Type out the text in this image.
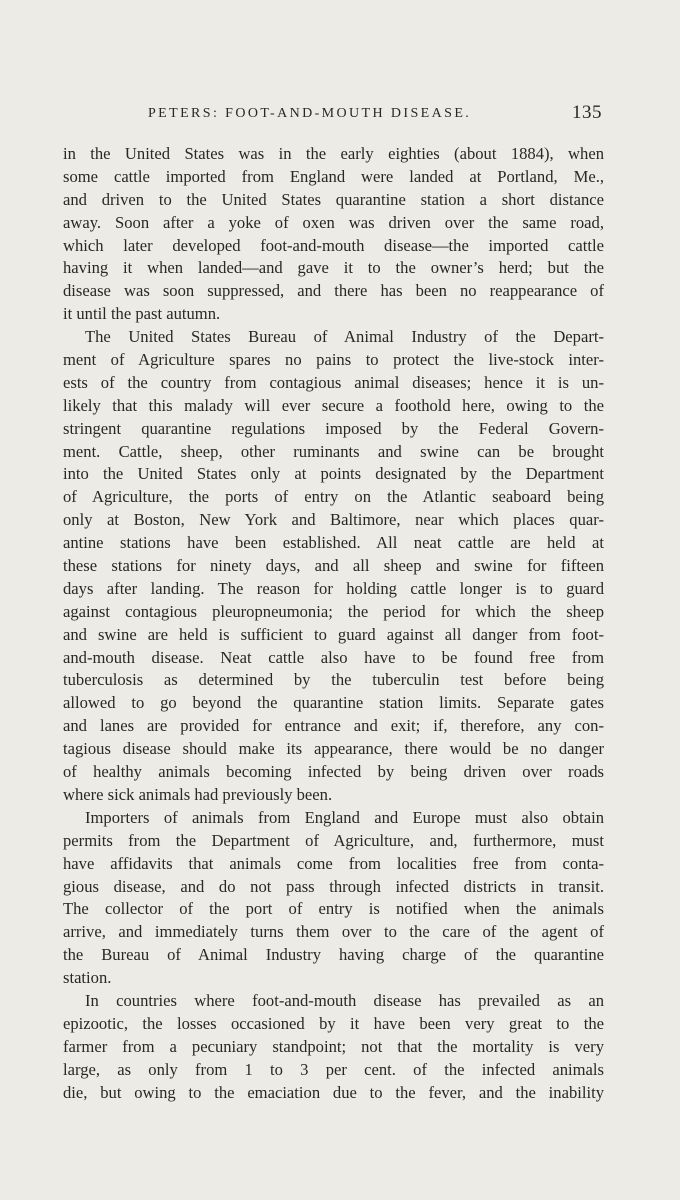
PETERS: FOOT-AND-MOUTH DISEASE.	135
in the United States was in the early eighties (about 1884), when
some cattle imported from England were landed at Portland, Me.,
and driven to the United States quarantine station a short distance
away. Soon after a yoke of oxen was driven over the same road,
which later developed foot-and-mouth disease—the imported cattle
having it when landed—and gave it to the owner’s herd; but the
disease was soon suppressed, and there has been no reappearance of
it until the past autumn.
The United States Bureau of Animal Industry of the Depart-
ment of Agriculture spares no pains to protect the live-stock inter-
ests of the country from contagious animal diseases; hence it is un-
likely that this malady will ever secure a foothold here, owing to the
stringent quarantine regulations imposed by the Federal Govern-
ment. Cattle, sheep, other ruminants and swine can be brought
into the United States only at points designated by the Department
of Agriculture, the ports of entry on the Atlantic seaboard being
only at Boston, New York and Baltimore, near which places quar-
antine stations have been established. All neat cattle are held at
these stations for ninety days, and all sheep and swine for fifteen
days after landing. The reason for holding cattle longer is to guard
against contagious pleuropneumonia; the period for which the sheep
and swine are held is sufficient to guard against all danger from foot-
and-mouth disease. Neat cattle also have to be found free from
tuberculosis as determined by the tuberculin test before being
allowed to go beyond the quarantine station limits. Separate gates
and lanes are provided for entrance and exit; if, therefore, any con-
tagious disease should make its appearance, there would be no danger
of healthy animals becoming infected by being driven over roads
where sick animals had previously been.
Importers of animals from England and Europe must also obtain
permits from the Department of Agriculture, and, furthermore, must
have affidavits that animals come from localities free from conta-
gious disease, and do not pass through infected districts in transit.
The collector of the port of entry is notified when the animals
arrive, and immediately turns them over to the care of the agent of
the Bureau of Animal Industry having charge of the quarantine
station.
In countries where foot-and-mouth disease has prevailed as an
epizootic, the losses occasioned by it have been very great to the
farmer from a pecuniary standpoint; not that the mortality is very
large, as only from 1 to 3 per cent. of the infected animals
die, but owing to the emaciation due to the fever, and the inability
